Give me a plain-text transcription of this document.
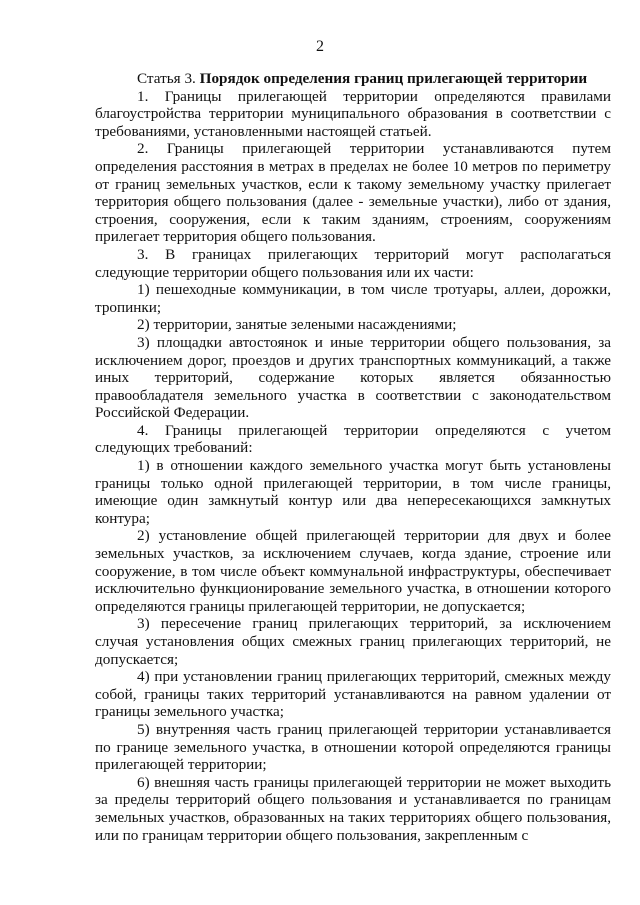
2

Статья 3. Порядок определения границ прилегающей территории

1. Границы прилегающей территории определяются правилами благоустройства территории муниципального образования в соответствии с требованиями, установленными настоящей статьей.

2. Границы прилегающей территории устанавливаются путем определения расстояния в метрах в пределах не более 10 метров по периметру от границ земельных участков, если к такому земельному участку прилегает территория общего пользования (далее - земельные участки), либо от здания, строения, сооружения, если к таким зданиям, строениям, сооружениям прилегает территория общего пользования.

3. В границах прилегающих территорий могут располагаться следующие территории общего пользования или их части:

1) пешеходные коммуникации, в том числе тротуары, аллеи, дорожки, тропинки;

2) территории, занятые зелеными насаждениями;

3) площадки автостоянок и иные территории общего пользования, за исключением дорог, проездов и других транспортных коммуникаций, а также иных территорий, содержание которых является обязанностью правообладателя земельного участка в соответствии с законодательством Российской Федерации.

4. Границы прилегающей территории определяются с учетом следующих требований:

1) в отношении каждого земельного участка могут быть установлены границы только одной прилегающей территории, в том числе границы, имеющие один замкнутый контур или два непересекающихся замкнутых контура;

2) установление общей прилегающей территории для двух и более земельных участков, за исключением случаев, когда здание, строение или сооружение, в том числе объект коммунальной инфраструктуры, обеспечивает исключительно функционирование земельного участка, в отношении которого определяются границы прилегающей территории, не допускается;

3) пересечение границ прилегающих территорий, за исключением случая установления общих смежных границ прилегающих территорий, не допускается;

4) при установлении границ прилегающих территорий, смежных между собой, границы таких территорий устанавливаются на равном удалении от границы земельного участка;

5) внутренняя часть границ прилегающей территории устанавливается по границе земельного участка, в отношении которой определяются границы прилегающей территории;

6) внешняя часть границы прилегающей территории не может выходить за пределы территорий общего пользования и устанавливается по границам земельных участков, образованных на таких территориях общего пользования, или по границам территории общего пользования, закрепленным с
